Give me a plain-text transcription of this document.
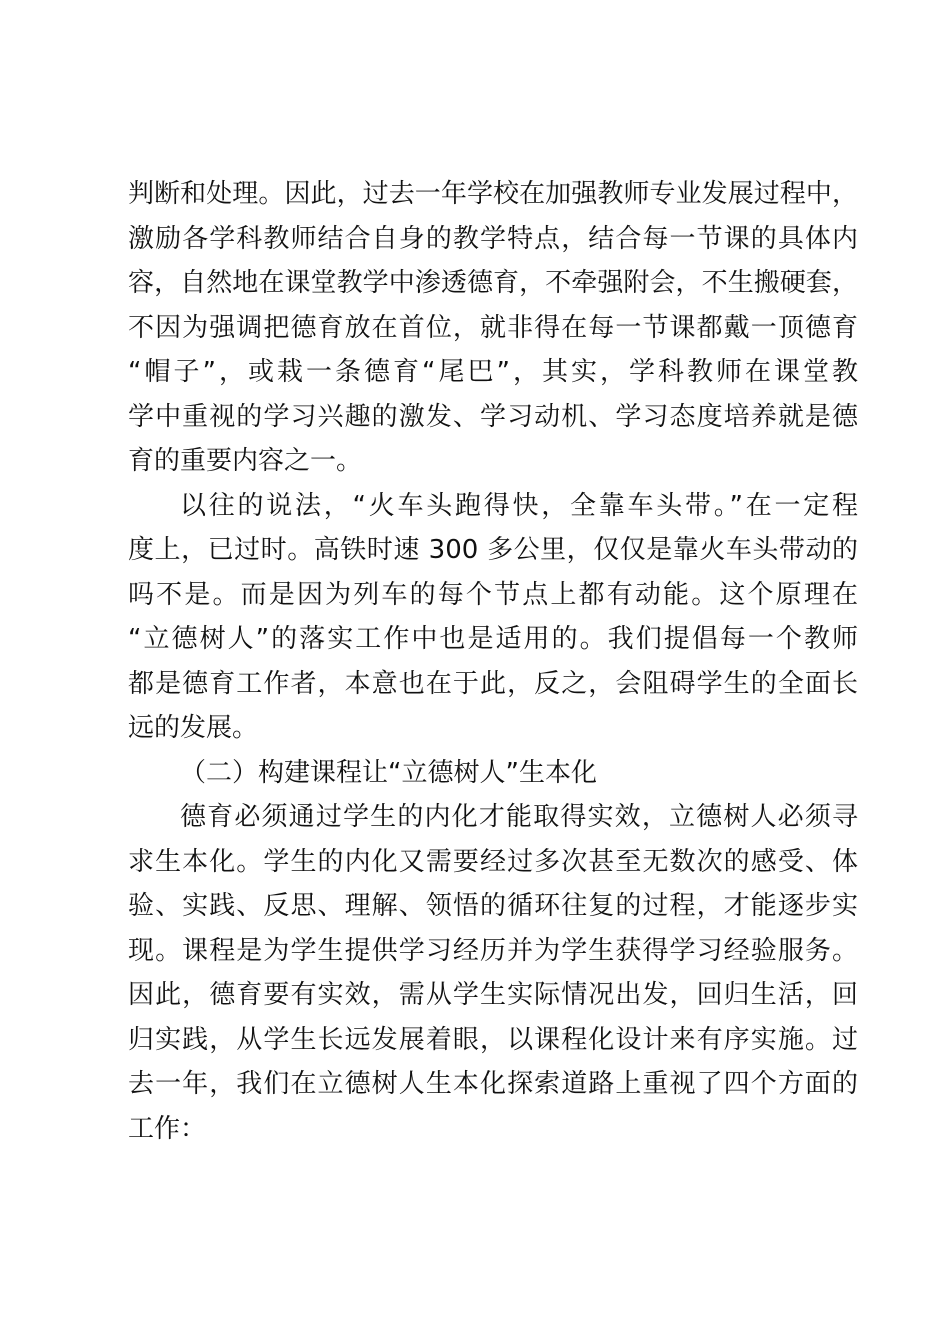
判断和处理。因此，过去一年学校在加强教师专业发展过程中，
激励各学科教师结合自身的教学特点，结合每一节课的具体内
容，自然地在课堂教学中渗透德育，不牵强附会，不生搬硬套，
不因为强调把德育放在首位，就非得在每一节课都戴一顶德育
“帽子”，或栽一条德育“尾巴”，其实，学科教师在课堂教
学中重视的学习兴趣的激发、学习动机、学习态度培养就是德
育的重要内容之一。
以往的说法，“火车头跑得快，全靠车头带。”在一定程
度上，已过时。高铁时速 300 多公里，仅仅是靠火车头带动的
吗不是。而是因为列车的每个节点上都有动能。这个原理在
“立德树人”的落实工作中也是适用的。我们提倡每一个教师
都是德育工作者，本意也在于此，反之，会阻碍学生的全面长
远的发展。
（二）构建课程让“立德树人”生本化
德育必须通过学生的内化才能取得实效，立德树人必须寻
求生本化。学生的内化又需要经过多次甚至无数次的感受、体
验、实践、反思、理解、领悟的循环往复的过程，才能逐步实
现。课程是为学生提供学习经历并为学生获得学习经验服务。
因此，德育要有实效，需从学生实际情况出发，回归生活，回
归实践，从学生长远发展着眼，以课程化设计来有序实施。过
去一年，我们在立德树人生本化探索道路上重视了四个方面的
工作：
